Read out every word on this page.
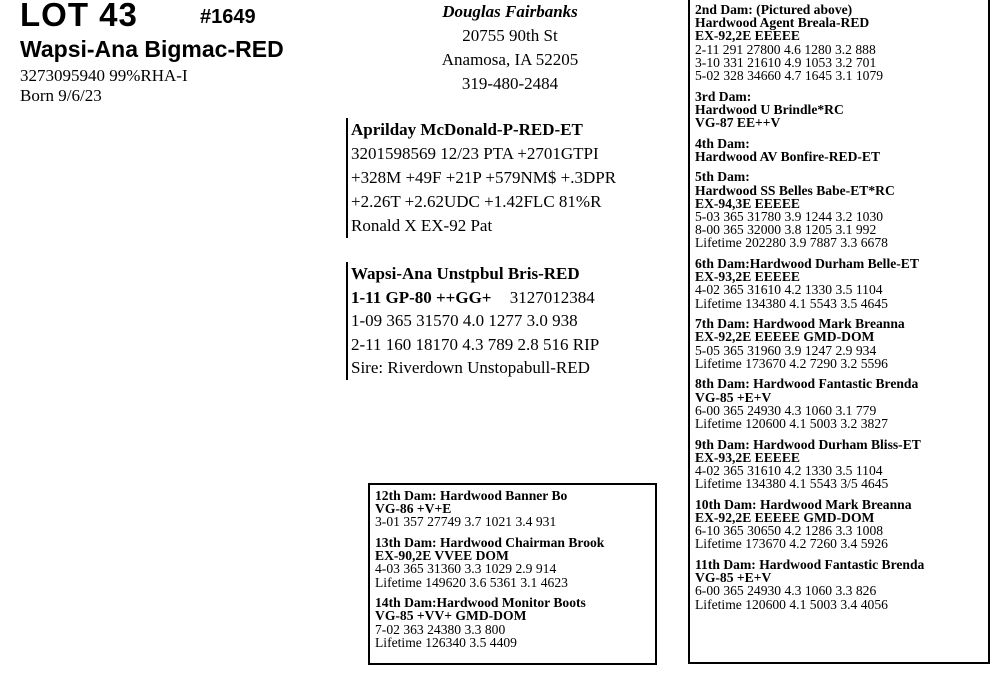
LOT 43	#1649
Wapsi-Ana Bigmac-RED
3273095940 99%RHA-I
Born 9/6/23
Douglas Fairbanks
20755 90th St
Anamosa, IA 52205
319-480-2484
Aprilday McDonald-P-RED-ET
3201598569 12/23 PTA +2701GTPI
+328M +49F +21P +579NM$ +.3DPR
+2.26T +2.62UDC +1.42FLC 81%R
Ronald X EX-92 Pat
Wapsi-Ana Unstpbul Bris-RED
1-11 GP-80 ++GG+ 3127012384
1-09 365 31570 4.0 1277 3.0 938
2-11 160 18170 4.3 789 2.8 516 RIP
Sire: Riverdown Unstopabull-RED
2nd Dam: (Pictured above)
Hardwood Agent Breala-RED
EX-92,2E EEEEE
2-11 291 27800 4.6 1280 3.2 888
3-10 331 21610 4.9 1053 3.2 701
5-02 328 34660 4.7 1645 3.1 1079
3rd Dam:
Hardwood U Brindle*RC
VG-87 EE++V
4th Dam:
Hardwood AV Bonfire-RED-ET
5th Dam:
Hardwood SS Belles Babe-ET*RC
EX-94,3E EEEEE
5-03 365 31780 3.9 1244 3.2 1030
8-00 365 32000 3.8 1205 3.1 992
Lifetime 202280 3.9 7887 3.3 6678
6th Dam:Hardwood Durham Belle-ET
EX-93,2E EEEEE
4-02 365 31610 4.2 1330 3.5 1104
Lifetime 134380 4.1 5543 3.5 4645
7th Dam: Hardwood Mark Breanna
EX-92,2E EEEEE GMD-DOM
5-05 365 31960 3.9 1247 2.9 934
Lifetime 173670 4.2 7290 3.2 5596
8th Dam: Hardwood Fantastic Brenda
VG-85 +E+V
6-00 365 24930 4.3 1060 3.1 779
Lifetime 120600 4.1 5003 3.2 3827
9th Dam: Hardwood Durham Bliss-ET
EX-93,2E EEEEE
4-02 365 31610 4.2 1330 3.5 1104
Lifetime 134380 4.1 5543 3/5 4645
10th Dam: Hardwood Mark Breanna
EX-92,2E EEEEE GMD-DOM
6-10 365 30650 4.2 1286 3.3 1008
Lifetime 173670 4.2 7260 3.4 5926
11th Dam: Hardwood Fantastic Brenda
VG-85 +E+V
6-00 365 24930 4.3 1060 3.3 826
Lifetime 120600 4.1 5003 3.4 4056
12th Dam: Hardwood Banner Bo
VG-86 +V+E
3-01 357 27749 3.7 1021 3.4 931
13th Dam: Hardwood Chairman Brook
EX-90,2E VVEE DOM
4-03 365 31360 3.3 1029 2.9 914
Lifetime 149620 3.6 5361 3.1 4623
14th Dam:Hardwood Monitor Boots
VG-85 +VV+ GMD-DOM
7-02 363 24380 3.3 800
Lifetime 126340 3.5 4409
